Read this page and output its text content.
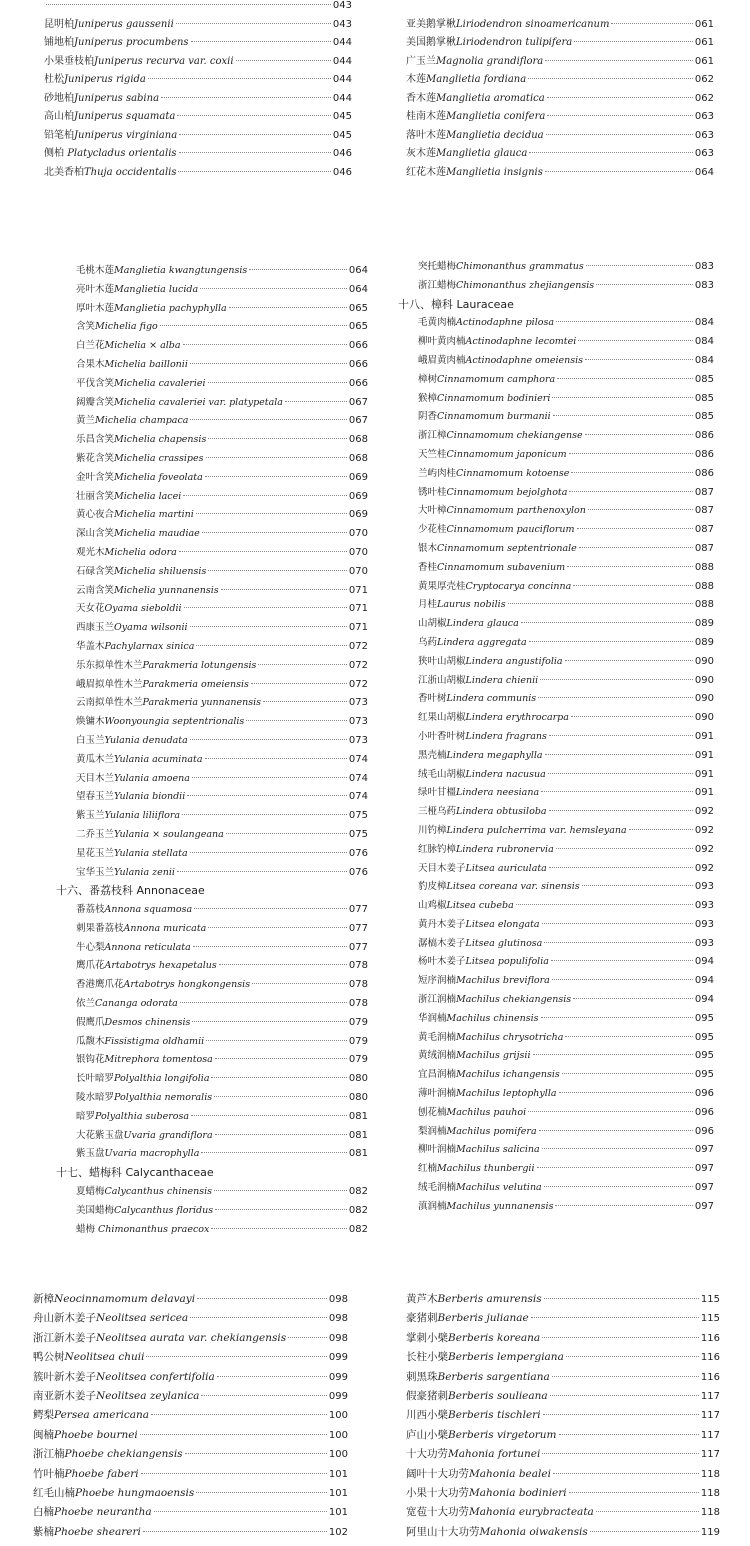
043
昆明柏Juniperus gaussenii	043
铺地柏Juniperus procumbens	044
小果垂枝柏Juniperus recurva var. coxii	044
杜松Juniperus rigida	044
砂地柏Juniperus sabina	044
高山柏Juniperus squamata	045
铅笔柏Juniperus virginiana	045
侧柏 Platycladus orientalis	046
北美香柏Thuja occidentalis	046
亚美鹅掌楸Liriodendron sinoamericanum	061
美国鹅掌楸Liriodendron tulipifera	061
广玉兰Magnolia grandiflora	061
木莲Manglietia fordiana	062
香木莲Manglietia aromatica	062
桂南木莲Manglietia conifera	063
落叶木莲Manglietia decidua	063
灰木莲Manglietia glauca	063
红花木莲Manglietia insignis	064
毛桃木莲Manglietia kwangtungensis	064
亮叶木莲Manglietia lucida	064
厚叶木莲Manglietia pachyphylla	065
含笑Michelia figo	065
白兰花Michelia × alba	066
合果木Michelia baillonii	066
平伐含笑Michelia cavaleriei	066
阔瓣含笑Michelia cavaleriei var. platypetala	067
黄兰Michelia champaca	067
乐昌含笑Michelia chapensis	068
紫花含笑Michelia crassipes	068
金叶含笑Michelia foveolata	069
壮丽含笑Michelia lacei	069
黄心夜合Michelia martini	069
深山含笑Michelia maudiae	070
观光木Michelia odora	070
石碌含笑Michelia shiluensis	070
云南含笑Michelia yunnanensis	071
天女花Oyama sieboldii	071
西康玉兰Oyama wilsonii	071
华盖木Pachylarnax sinica	072
乐东拟单性木兰Parakmeria lotungensis	072
峨眉拟单性木兰Parakmeria omeiensis	072
云南拟单性木兰Parakmeria yunnanensis	073
焕镛木Woonyoungia septentrionalis	073
白玉兰Yulania denudata	073
黄瓜木兰Yulania acuminata	074
天目木兰Yulania amoena	074
望春玉兰Yulania biondii	074
紫玉兰Yulania liliiflora	075
二乔玉兰Yulania × soulangeana	075
星花玉兰Yulania stellata	076
宝华玉兰Yulania zenii	076
十六、番荔枝科 Annonaceae
番荔枝Annona squamosa	077
刺果番荔枝Annona muricata	077
牛心梨Annona reticulata	077
鹰爪花Artabotrys hexapetalus	078
香港鹰爪花Artabotrys hongkongensis	078
依兰Cananga odorata	078
假鹰爪Desmos chinensis	079
瓜馥木Fissistigma oldhamii	079
银钩花Mitrephora tomentosa	079
长叶暗罗Polyalthia longifolia	080
陵水暗罗Polyalthia nemoralis	080
暗罗Polyalthia suberosa	081
大花紫玉盘Uvaria grandiflora	081
紫玉盘Uvaria macrophylla	081
十七、蜡梅科 Calycanthaceae
夏蜡梅Calycanthus chinensis	082
美国蜡梅Calycanthus floridus	082
蜡梅 Chimonanthus praecox	082
突托蜡梅Chimonanthus grammatus	083
浙江蜡梅Chimonanthus zhejiangensis	083
十八、樟科 Lauraceae
毛黄肉楠Actinodaphne pilosa	084
柳叶黄肉楠Actinodaphne lecomtei	084
峨眉黄肉楠Actinodaphne omeiensis	084
樟树Cinnamomum camphora	085
猴樟Cinnamomum bodinieri	085
阴香Cinnamomum burmanii	085
浙江樟Cinnamomum chekiangense	086
天竺桂Cinnamomum japonicum	086
兰屿肉桂Cinnamomum kotoense	086
锈叶桂Cinnamomum bejolghota	087
大叶樟Cinnamomum parthenoxylon	087
少花桂Cinnamomum pauciflorum	087
银木Cinnamomum septentrionale	087
香桂Cinnamomum subavenium	088
黄果厚壳桂Cryptocarya concinna	088
月桂Laurus nobilis	088
山胡椒Lindera glauca	089
乌药Lindera aggregata	089
狭叶山胡椒Lindera angustifolia	090
江浙山胡椒Lindera chienii	090
香叶树Lindera communis	090
红果山胡椒Lindera erythrocarpa	090
小叶香叶树Lindera fragrans	091
黑壳楠Lindera megaphylla	091
绒毛山胡椒Lindera nacusua	091
绿叶甘橿Lindera neesiana	091
三桠乌药Lindera obtusiloba	092
川钓樟Lindera pulcherrima var. hemsleyana	092
红脉钓樟Lindera rubronervia	092
天目木姜子Litsea auriculata	092
豹皮樟Litsea coreana var. sinensis	093
山鸡椒Litsea cubeba	093
黄丹木姜子Litsea elongata	093
潺槁木姜子Litsea glutinosa	093
杨叶木姜子Litsea populifolia	094
短序润楠Machilus breviflora	094
浙江润楠Machilus chekiangensis	094
华润楠Machilus chinensis	095
黄毛润楠Machilus chrysotricha	095
黄绒润楠Machilus grijsii	095
宜昌润楠Machilus ichangensis	095
薄叶润楠Machilus leptophylla	096
刨花楠Machilus pauhoi	096
梨润楠Machilus pomifera	096
柳叶润楠Machilus salicina	097
红楠Machilus thunbergii	097
绒毛润楠Machilus velutina	097
滇润楠Machilus yunnanensis	097
新樟Neocinnamomum delavayi	098
舟山新木姜子Neolitsea sericea	098
浙江新木姜子Neolitsea aurata var. chekiangensis	098
鸭公树Neolitsea chuii	099
簇叶新木姜子Neolitsea confertifolia	099
南亚新木姜子Neolitsea zeylanica	099
鳄梨Persea americana	100
闽楠Phoebe bournei	100
浙江楠Phoebe chekiangensis	100
竹叶楠Phoebe faberi	101
红毛山楠Phoebe hungmaoensis	101
白楠Phoebe neurantha	101
紫楠Phoebe sheareri	102
黄芦木Berberis amurensis	115
豪猪刺Berberis julianae	115
掌刺小檗Berberis koreana	116
长柱小檗Berberis lempergiana	116
刺黑珠Berberis sargentiana	116
假豪猪刺Berberis soulieana	117
川西小檗Berberis tischleri	117
庐山小檗Berberis virgetorum	117
十大功劳Mahonia fortunei	117
阔叶十大功劳Mahonia bealei	118
小果十大功劳Mahonia bodinieri	118
宽苞十大功劳Mahonia eurybracteata	118
阿里山十大功劳Mahonia oiwakensis	119
